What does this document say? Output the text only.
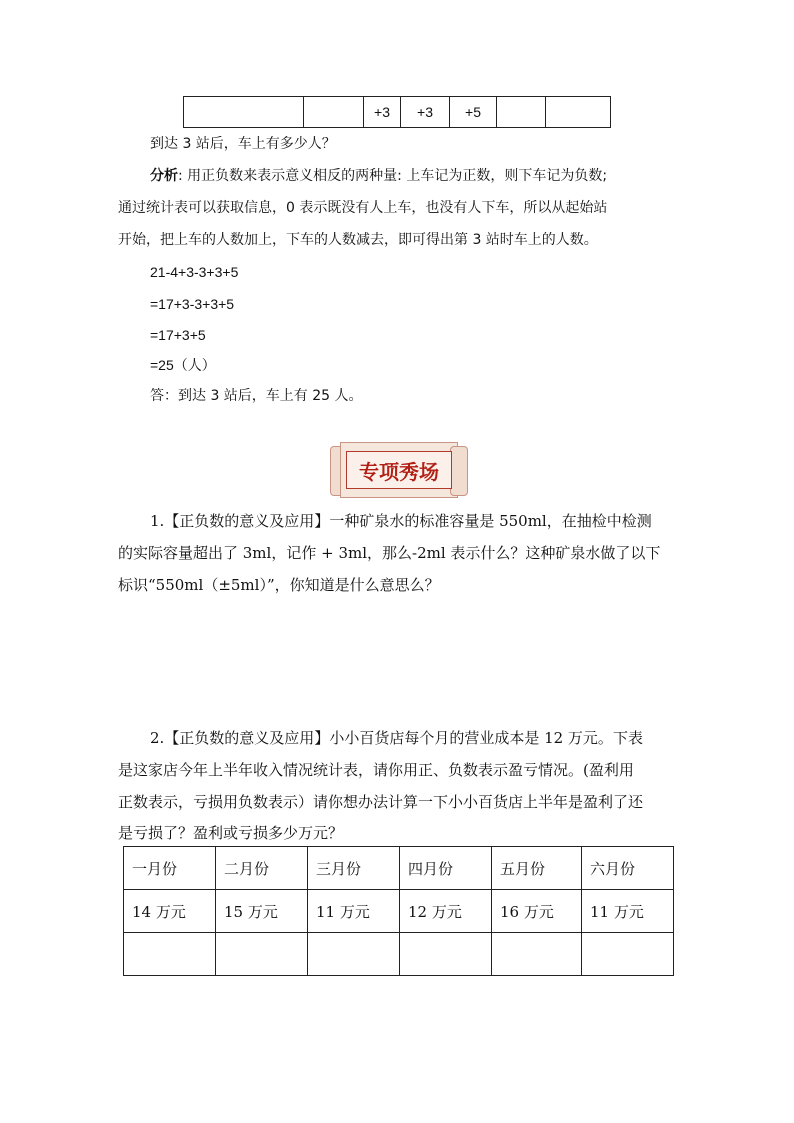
		+3	+3	+5		
到达 3 站后，车上有多少人？
分析: 用正负数来表示意义相反的两种量: 上车记为正数，则下车记为负数;
通过统计表可以获取信息，0 表示既没有人上车，也没有人下车，所以从起始站
开始，把上车的人数加上，下车的人数减去，即可得出第 3 站时车上的人数。
21-4+3-3+3+5
=17+3-3+3+5
=17+3+5
=25（人）
答：到达 3 站后，车上有 25 人。
专项秀场
1.【正负数的意义及应用】一种矿泉水的标准容量是 550ml，在抽检中检测
的实际容量超出了 3ml，记作 + 3ml，那么-2ml 表示什么？这种矿泉水做了以下
标识“550ml（±5ml）”，你知道是什么意思么？
2.【正负数的意义及应用】小小百货店每个月的营业成本是 12 万元。下表
是这家店今年上半年收入情况统计表，请你用正、负数表示盈亏情况。(盈利用
正数表示，亏损用负数表示）请你想办法计算一下小小百货店上半年是盈利了还
是亏损了？盈利或亏损多少万元？
一月份	二月份	三月份	四月份	五月份	六月份
14 万元	15 万元	11 万元	12 万元	16 万元	11 万元
